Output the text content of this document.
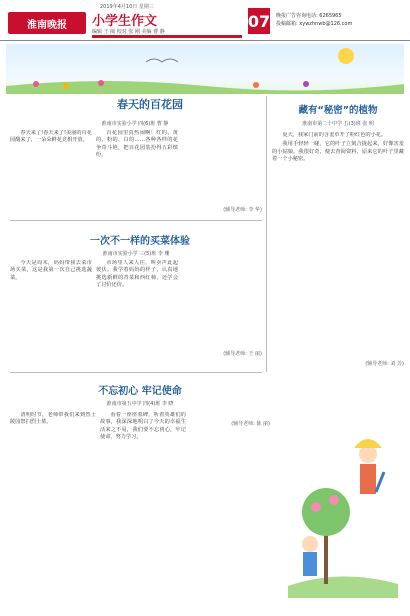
2019年4月10日 星期三
淮南晚报	小学生作文
编辑 王 闽 校对 张 刚 美编 曹 静
07 晚报广告咨询电话: 6265965
投稿邮箱: xywzhnwb@126.com
春天的百花园
淮南市实验小学 四(6)班 曹 静

春天来了!春天来了!美丽的百花园醒来了，一朵朵鲜花竞相开放。

百花园里真热闹啊！红的、黄的、粉的、白的……各种各样的花争奇斗艳，把百花园装扮得五彩缤纷。

(辅导老师: 李 华)
一次不一样的买菜体验
淮南市实验小学 三(5)班 李 珊

今天是周末，妈妈带我去菜市场买菜，这是我第一次自己挑选蔬菜。

市场里人来人往，叫卖声此起彼伏。我学着妈妈的样子，认真地挑选新鲜的青菜和西红柿，还学会了讨价还价。

(辅导老师: 王 丽)
藏有“秘密”的植物
淮南市第二十中学 五(3)班 张 明

夏天，我家门前的含羞草开了粉红色的小花。

我用手轻轻一碰，它的叶子立刻合拢起来，好像害羞的小姑娘。我很好奇，便去查阅资料，原来它的叶子里藏着一个小秘密。

(辅导老师: 刘 芳)
不忘初心 牢记使命
淮南市第五中学 四(4)班 李 晓

清明时节，老师带我们来到烈士陵园祭扫烈士墓。

看着一座座墓碑，听着英雄们的故事，我深深地明白了今天的幸福生活来之不易，我们要不忘初心，牢记使命，努力学习。

(辅导老师: 陈 丽)
